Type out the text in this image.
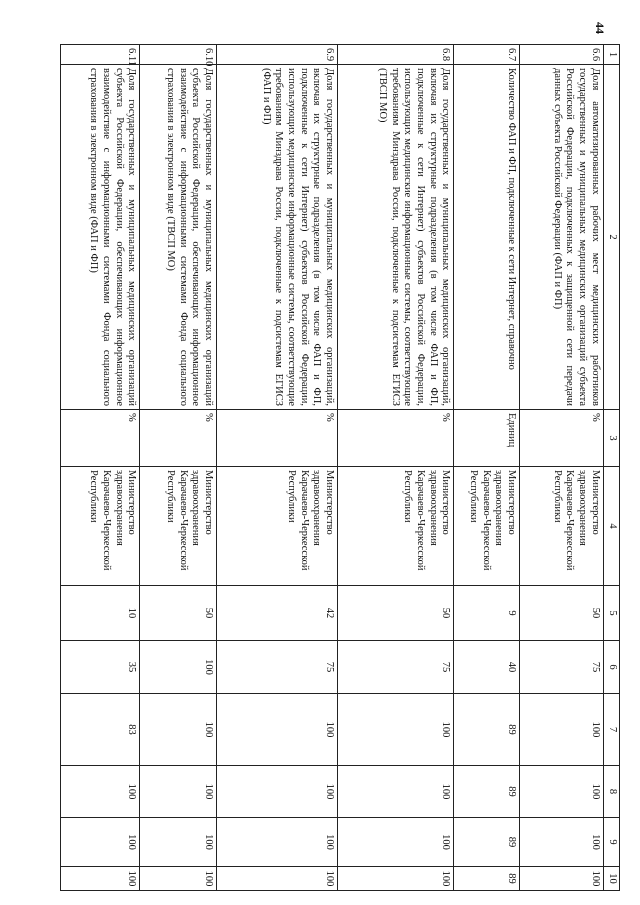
44
1	2	3	4	5	6	7	8	9	10
6.6	Доля автоматизированных рабочих мест медицинских работников государственных и муниципальных медицинских организаций субъекта Российской Федерации, подключенных к защищенной сети передачи данных субъекта Российской Федерации (ФАП и ФП)	%	Министерство здравоохранения Карачаево-Черкесской Республики	50	75	100	100	100	100
6.7	Количество ФАП и ФП, подключенные к сети Интернет, справочно	Единиц	Министерство здравоохранения Карачаево-Черкесской Республики	9	40	89	89	89	89
6.8	Доля государственных и муниципальных медицинских организаций, включая их структурные подразделения (в том числе ФАП и ФП, подключенные к сети Интернет) субъектов Российской Федерации, использующих медицинские информационные системы, соответствующие требованиям Минздрава России, подключенные к подсистемам ЕГИСЗ (ТВСП МО)	%	Министерство здравоохранения Карачаево-Черкесской Республики	50	75	100	100	100	100
6.9	Доля государственных и муниципальных медицинских организаций, включая их структурные подразделения (в том числе ФАП и ФП, подключенные к сети Интернет) субъектов Российской Федерации, использующих медицинские информационные системы, соответствующие требованиям Минздрава России, подключенные к подсистемам ЕГИСЗ (ФАП и ФП)	%	Министерство здравоохранения Карачаево-Черкесской Республики	42	75	100	100	100	100
6.10	Доля государственных и муниципальных медицинских организаций субъекта Российской Федерации, обеспечивающих информационное взаимодействие с информационными системами Фонда социального страхования в электронном виде (ТВСП МО)	%	Министерство здравоохранения Карачаево-Черкесской Республики	50	100	100	100	100	100
6.11	Доля государственных и муниципальных медицинских организаций субъекта Российской Федерации, обеспечивающих информационное взаимодействие с информационными системами Фонда социального страхования в электронном виде (ФАП и ФП)	%	Министерство здравоохранения Карачаево-Черкесской Республики	10	35	83	100	100	100
